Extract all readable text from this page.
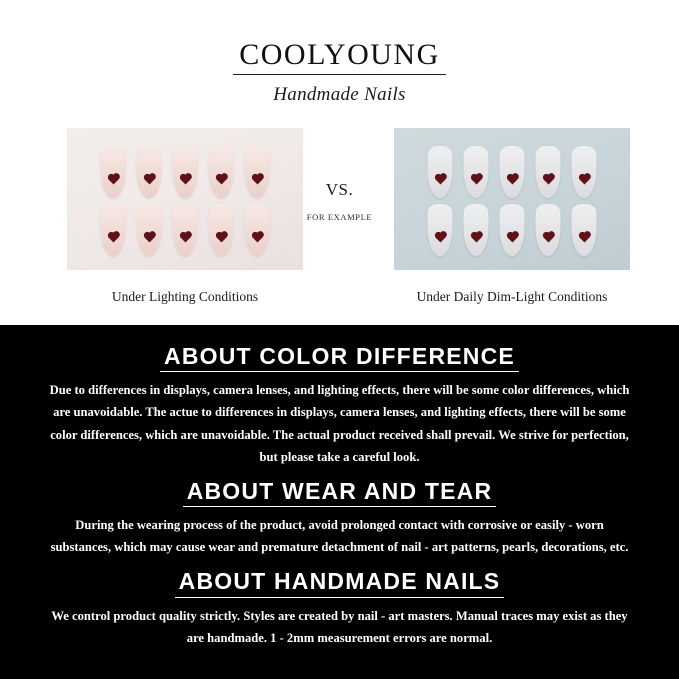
COOLYOUNG
Handmade Nails
Under Lighting Conditions
VS.
FOR EXAMPLE
Under Daily Dim-Light Conditions
ABOUT COLOR DIFFERENCE
Due to differences in displays, camera lenses, and lighting effects, there will be some color differences, which are unavoidable. The actue to differences in displays, camera lenses, and lighting effects, there will be some color differences, which are unavoidable. The actual product received shall prevail. We strive for perfection, but please take a careful look.
ABOUT WEAR AND TEAR
During the wearing process of the product, avoid prolonged contact with corrosive or easily - worn substances, which may cause wear and premature detachment of nail - art patterns, pearls, decorations, etc.
ABOUT HANDMADE NAILS
We control product quality strictly. Styles are created by nail - art masters. Manual traces may exist as they are handmade. 1 - 2mm measurement errors are normal.
